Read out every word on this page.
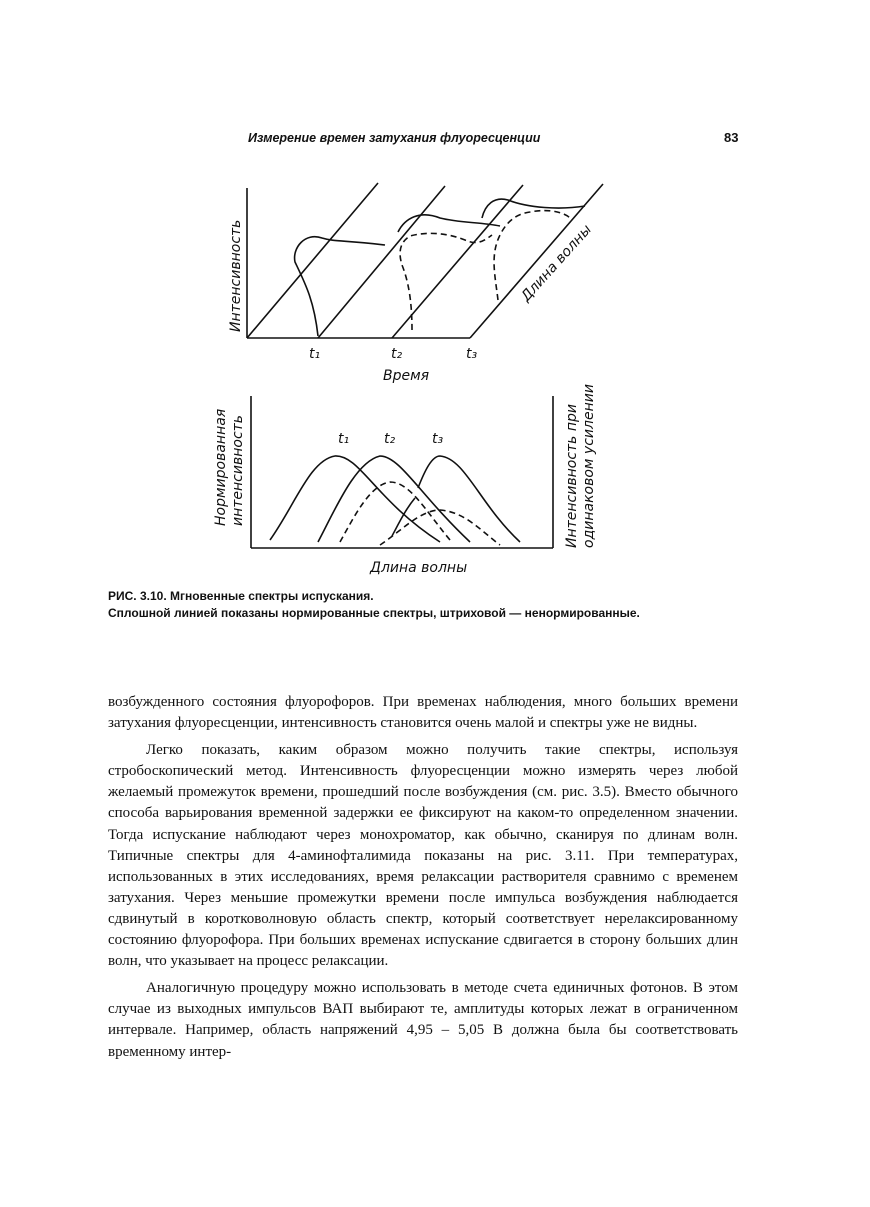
Измерение времен затухания флуоресценции	83
Интенсивность
Время
Длина волны
t₁	t₂	t₃
Нормированная интенсивность	Интенсивность при одинаковом усилении
Длина волны
t₁ t₂	t₃
РИС. 3.10. Мгновенные спектры испускания.
Сплошной линией показаны нормированные спектры, штриховой — ненормированные.

возбужденного состояния флуорофоров. При временах наблюдения, много больших времени затухания флуоресценции, интенсивность становится очень малой и спектры уже не видны.

Легко показать, каким образом можно получить такие спектры, используя стробоскопический метод. Интенсивность флуоресценции можно измерять через любой желаемый промежуток времени, прошедший после возбуждения (см. рис. 3.5). Вместо обычного способа варьирования временной задержки ее фиксируют на каком-то определенном значении. Тогда испускание наблюдают через монохроматор, как обычно, сканируя по длинам волн. Типичные спектры для 4-аминофталимида показаны на рис. 3.11. При температурах, использованных в этих исследованиях, время релаксации растворителя сравнимо с временем затухания. Через меньшие промежутки времени после импульса возбуждения наблюдается сдвинутый в коротковолновую область спектр, который соответствует нерелаксированному состоянию флуорофора. При больших временах испускание сдвигается в сторону больших длин волн, что указывает на процесс релаксации.

Аналогичную процедуру можно использовать в методе счета единичных фотонов. В этом случае из выходных импульсов ВАП выбирают те, амплитуды которых лежат в ограниченном интервале. Например, область напряжений 4,95 – 5,05 В должна была бы соответствовать временному интер-
